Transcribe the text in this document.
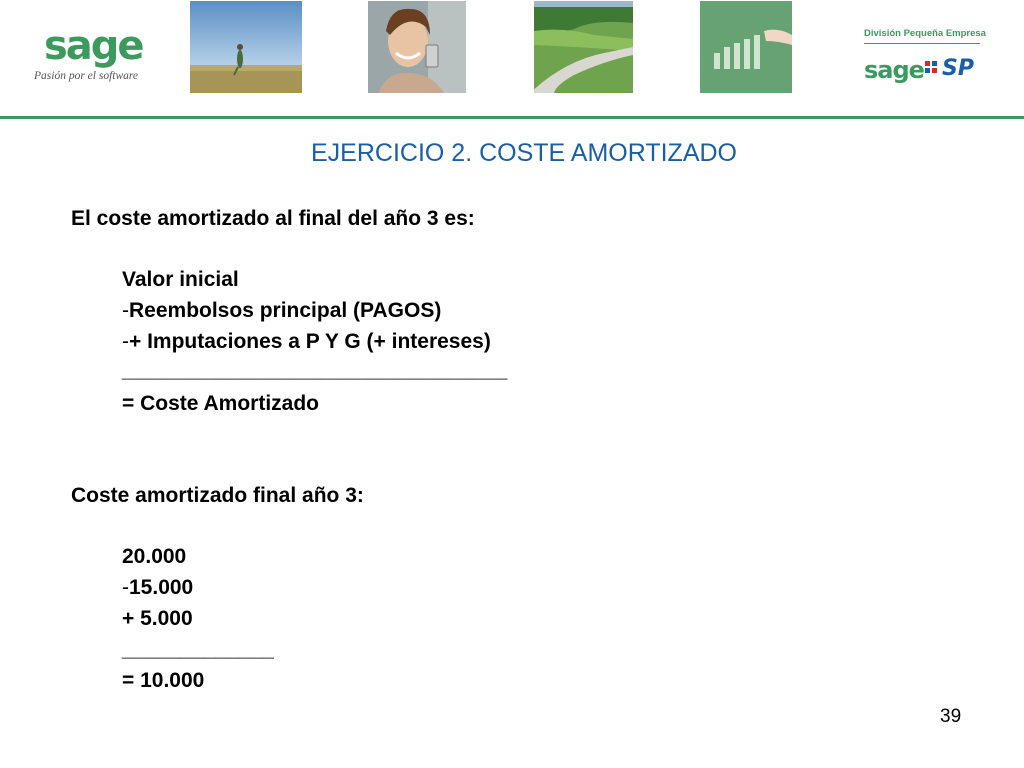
sage
Pasión por el software
División Pequeña Empresa
sage SP
EJERCICIO 2. COSTE AMORTIZADO
El coste amortizado al final del año 3 es:
Valor inicial
-Reembolsos principal (PAGOS)
-+ Imputaciones a P Y G (+ intereses)
_________________________________
= Coste Amortizado
Coste amortizado final año 3:
20.000
-15.000
+ 5.000
_____________
= 10.000
39
